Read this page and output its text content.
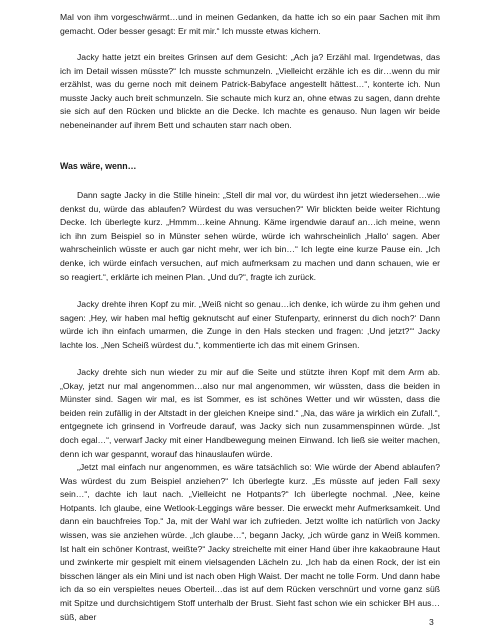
Mal von ihm vorgeschwärmt…und in meinen Gedanken, da hatte ich so ein paar Sachen mit ihm gemacht. Oder besser gesagt: Er mit mir.“ Ich musste etwas kichern.

Jacky hatte jetzt ein breites Grinsen auf dem Gesicht: „Ach ja? Erzähl mal. Irgendetwas, das ich im Detail wissen müsste?“ Ich musste schmunzeln. „Vielleicht erzähle ich es dir…wenn du mir erzählst, was du gerne noch mit deinem Patrick-Babyface angestellt hättest…“, konterte ich. Nun musste Jacky auch breit schmunzeln. Sie schaute mich kurz an, ohne etwas zu sagen, dann drehte sie sich auf den Rücken und blickte an die Decke. Ich machte es genauso. Nun lagen wir beide nebeneinander auf ihrem Bett und schauten starr nach oben.

Was wäre, wenn…

Dann sagte Jacky in die Stille hinein: „Stell dir mal vor, du würdest ihn jetzt wiedersehen…wie denkst du, würde das ablaufen? Würdest du was versuchen?“ Wir blickten beide weiter Richtung Decke. Ich überlegte kurz. „Hmmm…keine Ahnung. Käme irgendwie darauf an…ich meine, wenn ich ihn zum Beispiel so in Münster sehen würde, würde ich wahrscheinlich ‚Hallo‘ sagen. Aber wahrscheinlich wüsste er auch gar nicht mehr, wer ich bin…“ Ich legte eine kurze Pause ein. „Ich denke, ich würde einfach versuchen, auf mich aufmerksam zu machen und dann schauen, wie er so reagiert.“, erklärte ich meinen Plan. „Und du?“, fragte ich zurück.

Jacky drehte ihren Kopf zu mir. „Weiß nicht so genau…ich denke, ich würde zu ihm gehen und sagen: ‚Hey, wir haben mal heftig geknutscht auf einer Stufenparty, erinnerst du dich noch?‘ Dann würde ich ihn einfach umarmen, die Zunge in den Hals stecken und fragen: ‚Und jetzt?‘“ Jacky lachte los. „Nen Scheiß würdest du.“, kommentierte ich das mit einem Grinsen.

Jacky drehte sich nun wieder zu mir auf die Seite und stützte ihren Kopf mit dem Arm ab. „Okay, jetzt nur mal angenommen…also nur mal angenommen, wir wüssten, dass die beiden in Münster sind. Sagen wir mal, es ist Sommer, es ist schönes Wetter und wir wüssten, dass die beiden rein zufällig in der Altstadt in der gleichen Kneipe sind.“ „Na, das wäre ja wirklich ein Zufall.“, entgegnete ich grinsend in Vorfreude darauf, was Jacky sich nun zusammenspinnen würde. „Ist doch egal…“, verwarf Jacky mit einer Handbewegung meinen Einwand. Ich ließ sie weiter machen, denn ich war gespannt, worauf das hinauslaufen würde.

„Jetzt mal einfach nur angenommen, es wäre tatsächlich so: Wie würde der Abend ablaufen? Was würdest du zum Beispiel anziehen?“ Ich überlegte kurz. „Es müsste auf jeden Fall sexy sein…“, dachte ich laut nach. „Vielleicht ne Hotpants?“ Ich überlegte nochmal. „Nee, keine Hotpants. Ich glaube, eine Wetlook-Leggings wäre besser. Die erweckt mehr Aufmerksamkeit. Und dann ein bauchfreies Top.“ Ja, mit der Wahl war ich zufrieden. Jetzt wollte ich natürlich von Jacky wissen, was sie anziehen würde. „Ich glaube…“, begann Jacky, „ich würde ganz in Weiß kommen. Ist halt ein schöner Kontrast, weißte?“ Jacky streichelte mit einer Hand über ihre kakaobraune Haut und zwinkerte mir gespielt mit einem vielsagenden Lächeln zu. „Ich hab da einen Rock, der ist ein bisschen länger als ein Mini und ist nach oben High Waist. Der macht ne tolle Form. Und dann habe ich da so ein verspieltes neues Oberteil…das ist auf dem Rücken verschnürt und vorne ganz süß mit Spitze und durchsichtigem Stoff unterhalb der Brust. Sieht fast schon wie ein schicker BH aus…süß, aber

3
